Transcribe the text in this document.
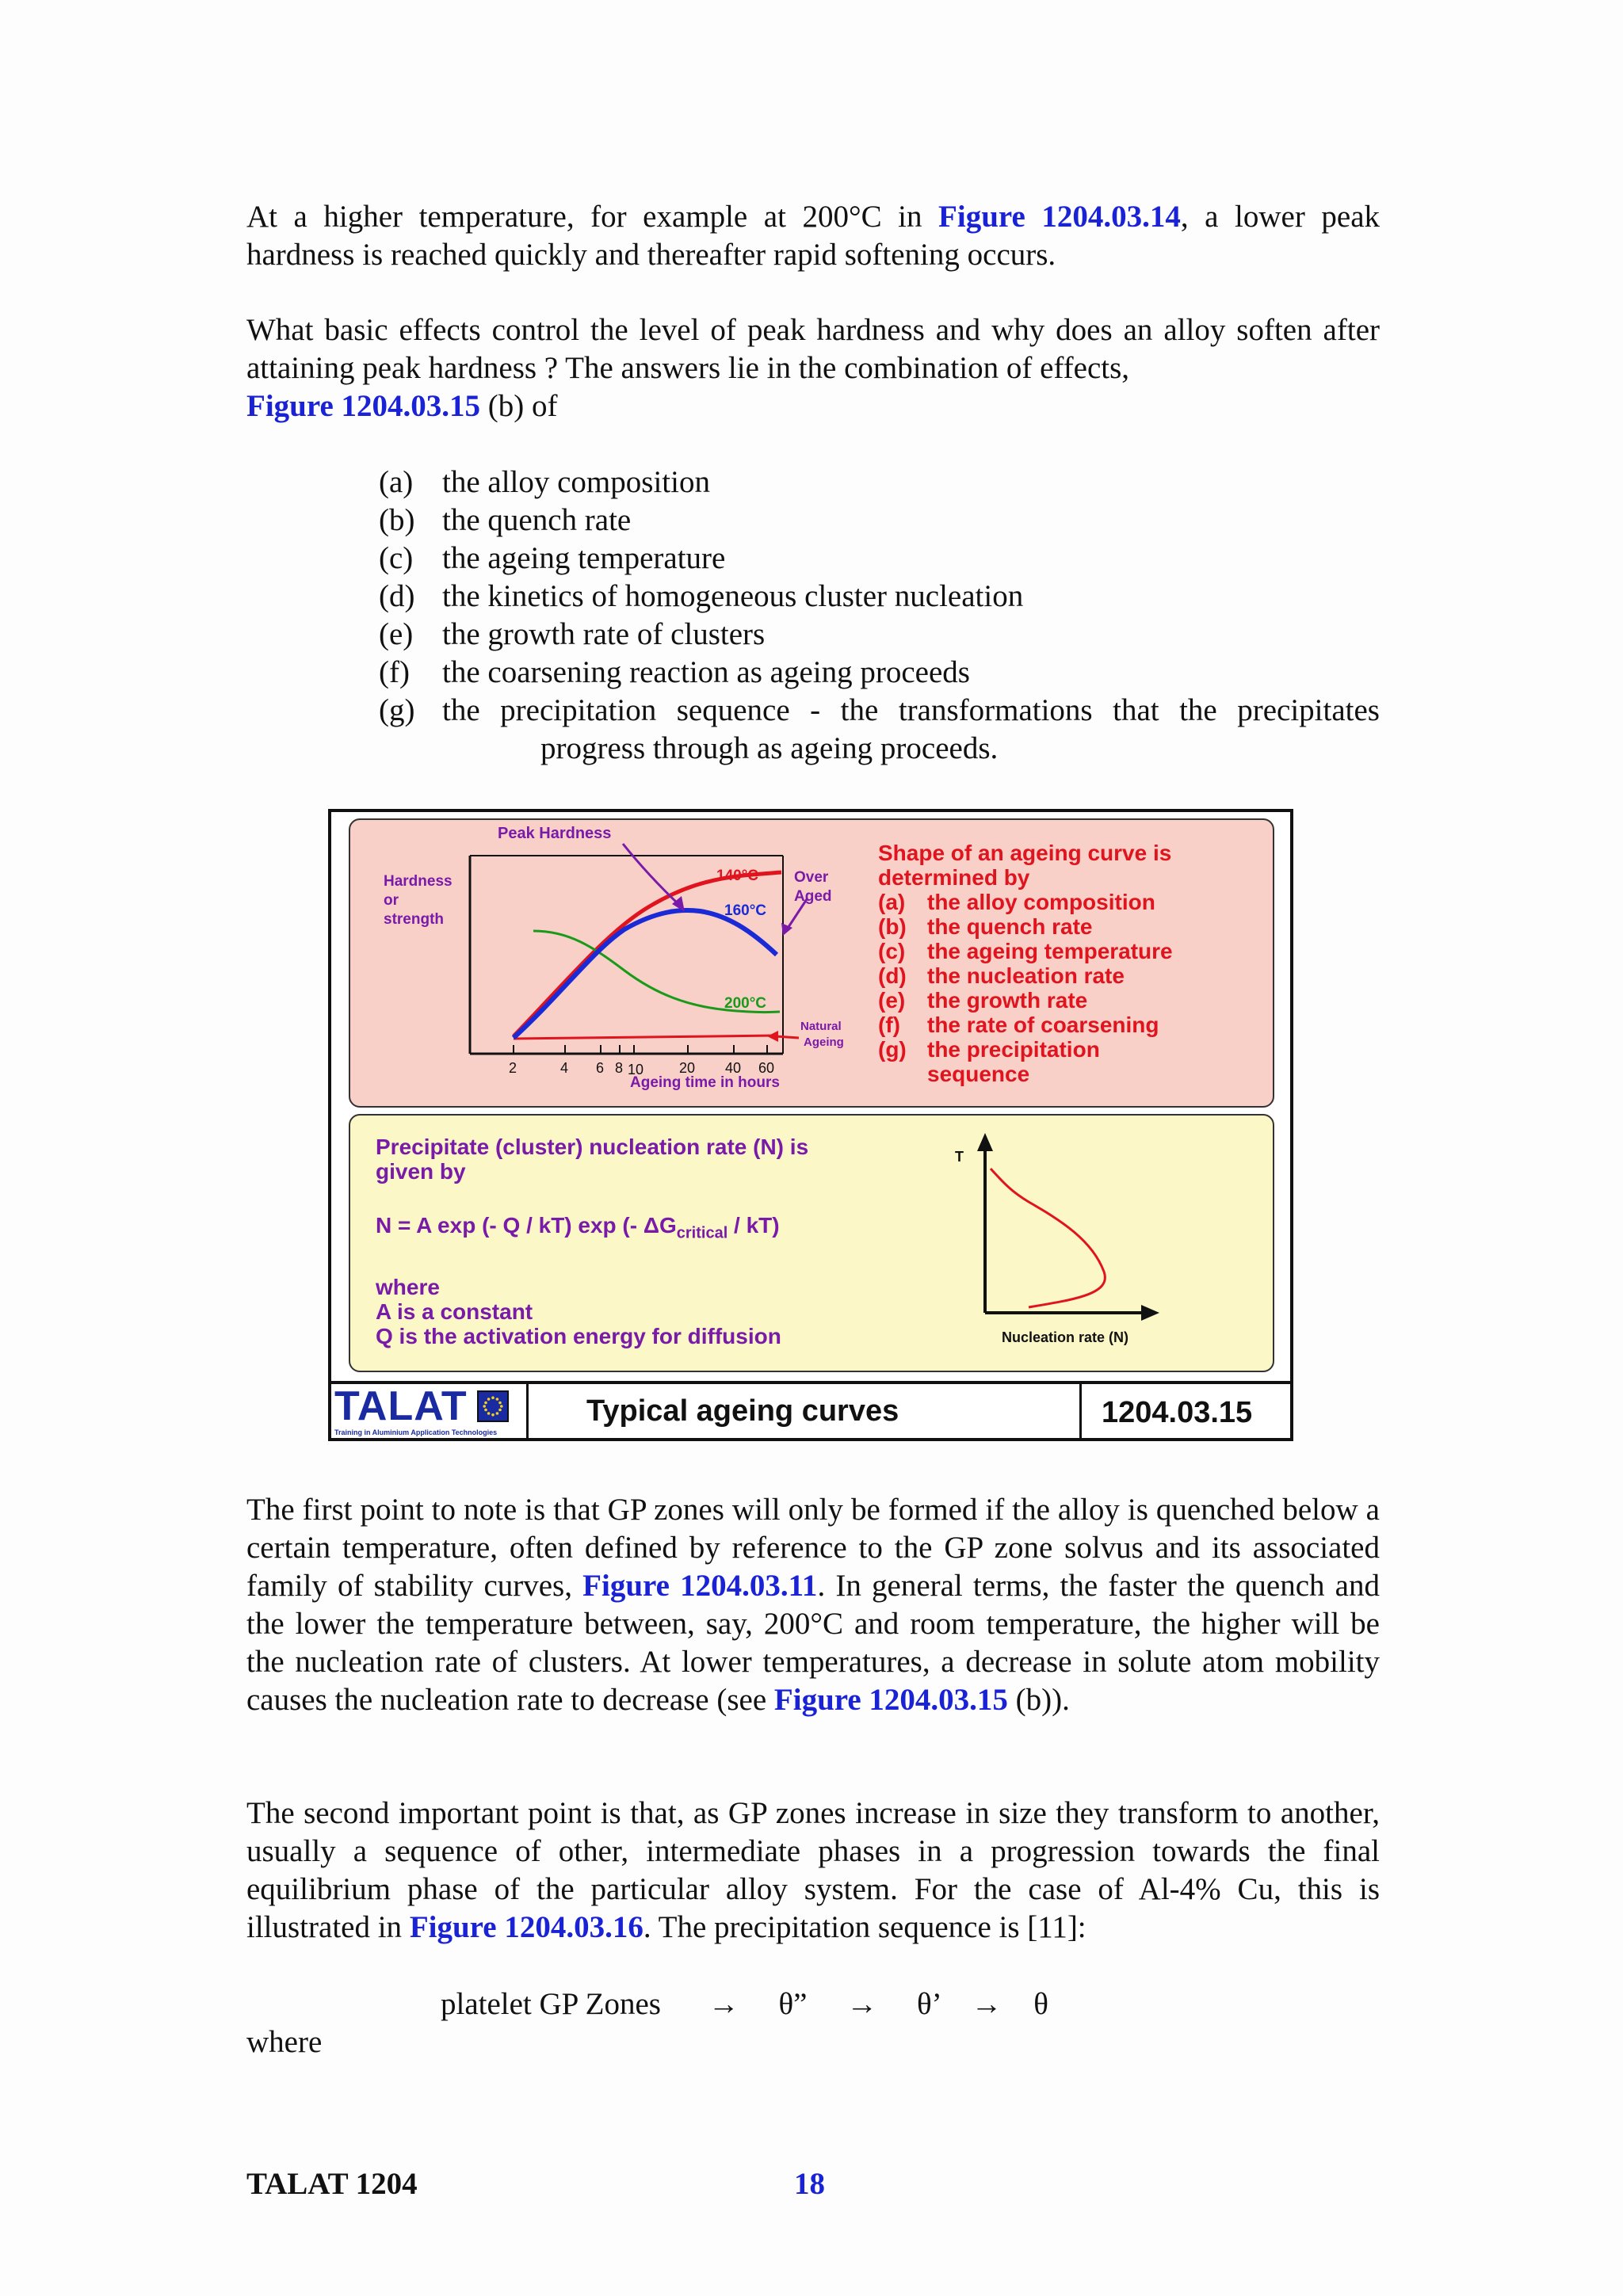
At a higher temperature, for example at 200°C in Figure 1204.03.14, a lower peak hardness is reached quickly and thereafter rapid softening occurs.
What basic effects control the level of peak hardness and why does an alloy soften after attaining peak hardness ? The answers lie in the combination of effects,
Figure 1204.03.15 (b) of
(a) the alloy composition
(b) the quench rate
(c) the ageing temperature
(d) the kinetics of homogeneous cluster nucleation
(e) the growth rate of clusters
(f)	the coarsening reaction as ageing proceeds
(g) the precipitation sequence - the transformations that the precipitates
progress through as ageing proceeds.
Peak Hardness
Hardness
or
strength
140°C
160°C
200°C
Over
Aged
Natural
Ageing
2	4 6 8 10 20 40 60
Ageing time in hours
Shape of an ageing curve is
determined by
(a) the alloy composition
(b) the quench rate
(c) the ageing temperature
(d) the nucleation rate
(e) the growth rate
(f) the rate of coarsening
(g) the precipitation
sequence
Precipitate (cluster) nucleation rate (N) is
given by
N = A exp (- Q / kT) exp (- $\Delta G_{critical} / kT$)
where
A is a constant
Q is the activation energy for diffusion
T
Nucleation rate (N)
TALAT
Training in Aluminium Application Technologies
Typical ageing curves	1204.03.15
The first point to note is that GP zones will only be formed if the alloy is quenched below a certain temperature, often defined by reference to the GP zone solvus and its associated family of stability curves, Figure 1204.03.11. In general terms, the faster the quench and the lower the temperature between, say, 200°C and room temperature, the higher will be the nucleation rate of clusters. At lower temperatures, a decrease in solute atom mobility causes the nucleation rate to decrease (see Figure 1204.03.15 (b)).
The second important point is that, as GP zones increase in size they transform to another, usually a sequence of other, intermediate phases in a progression towards the final equilibrium phase of the particular alloy system. For the case of Al-4% Cu, this is illustrated in Figure 1204.03.16. The precipitation sequence is [11]:
platelet GP Zones → θ” → θ’ → θ
where
TALAT 1204	18
